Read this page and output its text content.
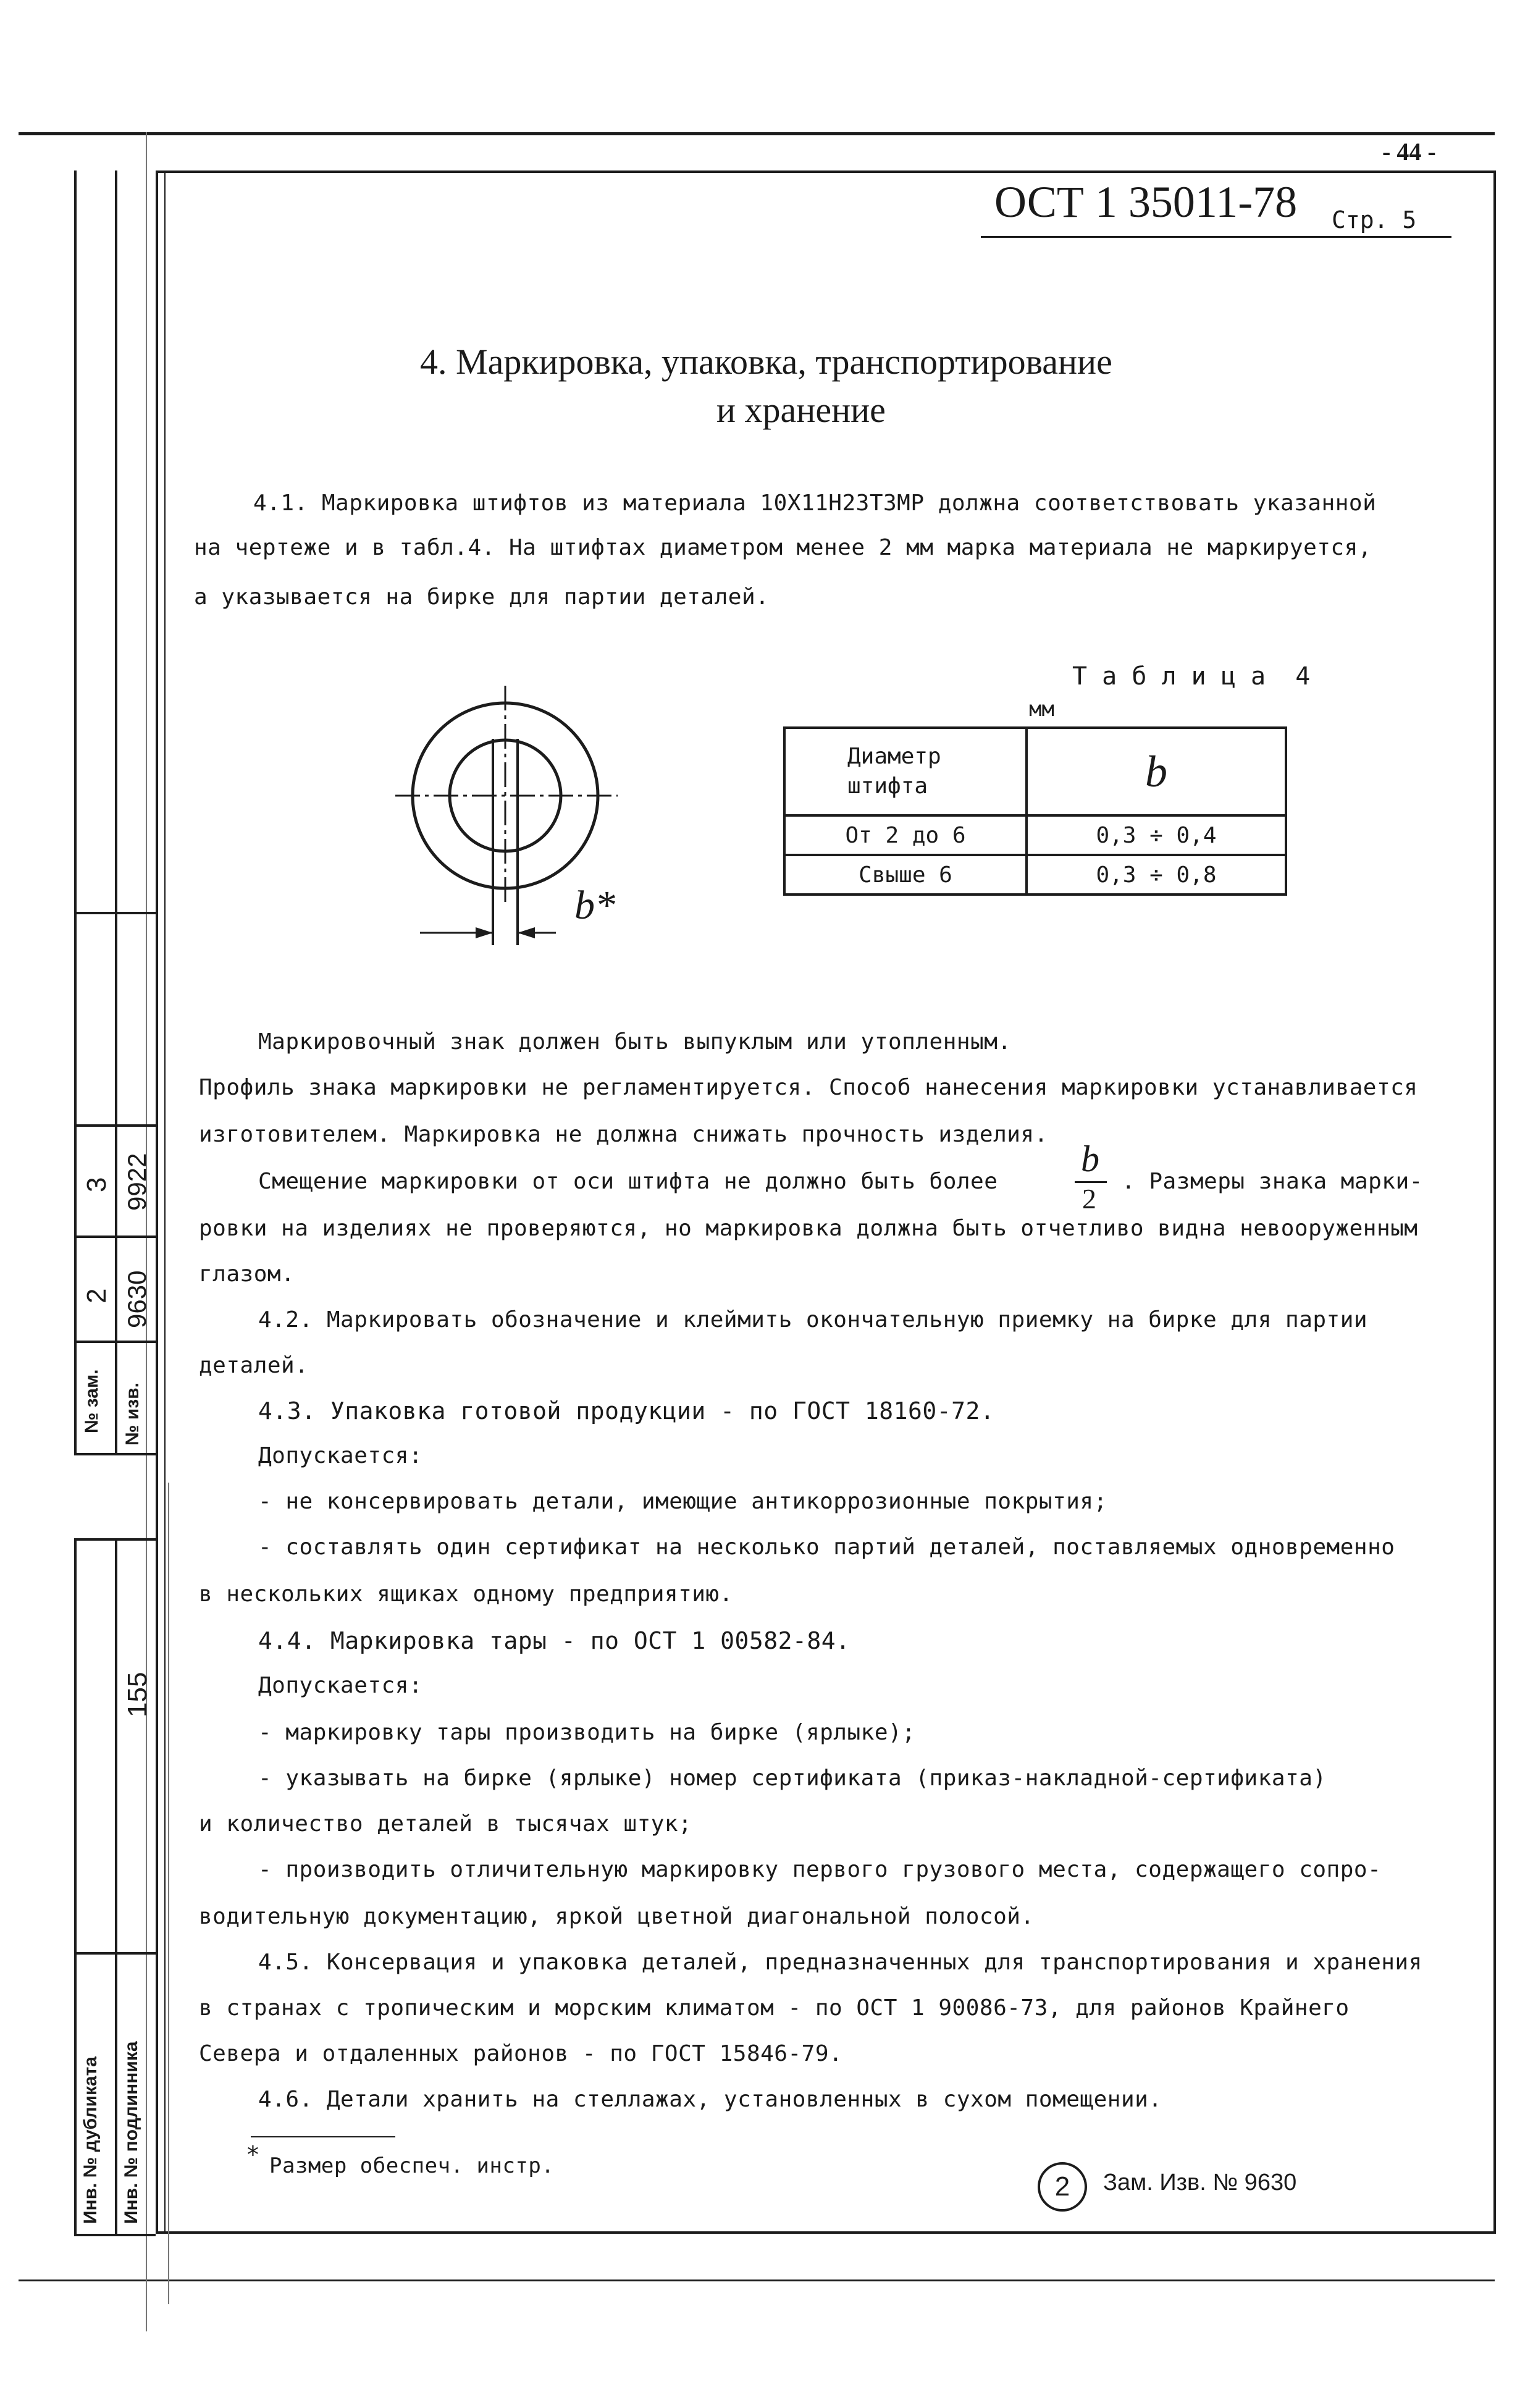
3 9922
2 9630
№ зам. № изв.
155
Инв. № дубликата Инв. № подлинника
- 44 -
ОСТ 1 35011-78 Стр. 5
4. Маркировка, упаковка, транспортирование
и хранение
4.1. Маркировка штифтов из материала 10Х11Н23Т3МР должна соответствовать указанной
на чертеже и в табл.4. На штифтах диаметром менее 2 мм марка материала не маркируется,
а указывается на бирке для партии деталей.
b*
Т а б л и ц а  4
мм
Диаметр штифта	b
От 2 до 6	0,3 ÷ 0,4
Свыше 6	0,3 ÷ 0,8
Маркировочный знак должен быть выпуклым или утопленным.
Профиль знака маркировки не регламентируется. Способ нанесения маркировки устанавливается
изготовителем. Маркировка не должна снижать прочность изделия.
Смещение маркировки от оси штифта не должно быть более
b
2
. Размеры знака марки-
ровки на изделиях не проверяются, но маркировка должна быть отчетливо видна невооруженным
глазом.
4.2. Маркировать обозначение и клеймить окончательную приемку на бирке для партии
деталей.
4.3. Упаковка готовой продукции - по ГОСТ 18160-72.
Допускается:
- не консервировать детали, имеющие антикоррозионные покрытия;
- составлять один сертификат на несколько партий деталей, поставляемых одновременно
в нескольких ящиках одному предприятию.
4.4. Маркировка тары - по ОСТ 1 00582-84.
Допускается:
- маркировку тары производить на бирке (ярлыке);
- указывать на бирке (ярлыке) номер сертификата (приказ-накладной-сертификата)
и количество деталей в тысячах штук;
- производить отличительную маркировку первого грузового места, содержащего сопро-
водительную документацию, яркой цветной диагональной полосой.
4.5. Консервация и упаковка деталей, предназначенных для транспортирования и хранения
в странах с тропическим и морским климатом - по ОСТ 1 90086-73, для районов Крайнего
Севера и отдаленных районов - по ГОСТ 15846-79.
4.6. Детали хранить на стеллажах, установленных в сухом помещении.
* Размер обеспеч. инстр.
2	Зам. Изв. № 9630
